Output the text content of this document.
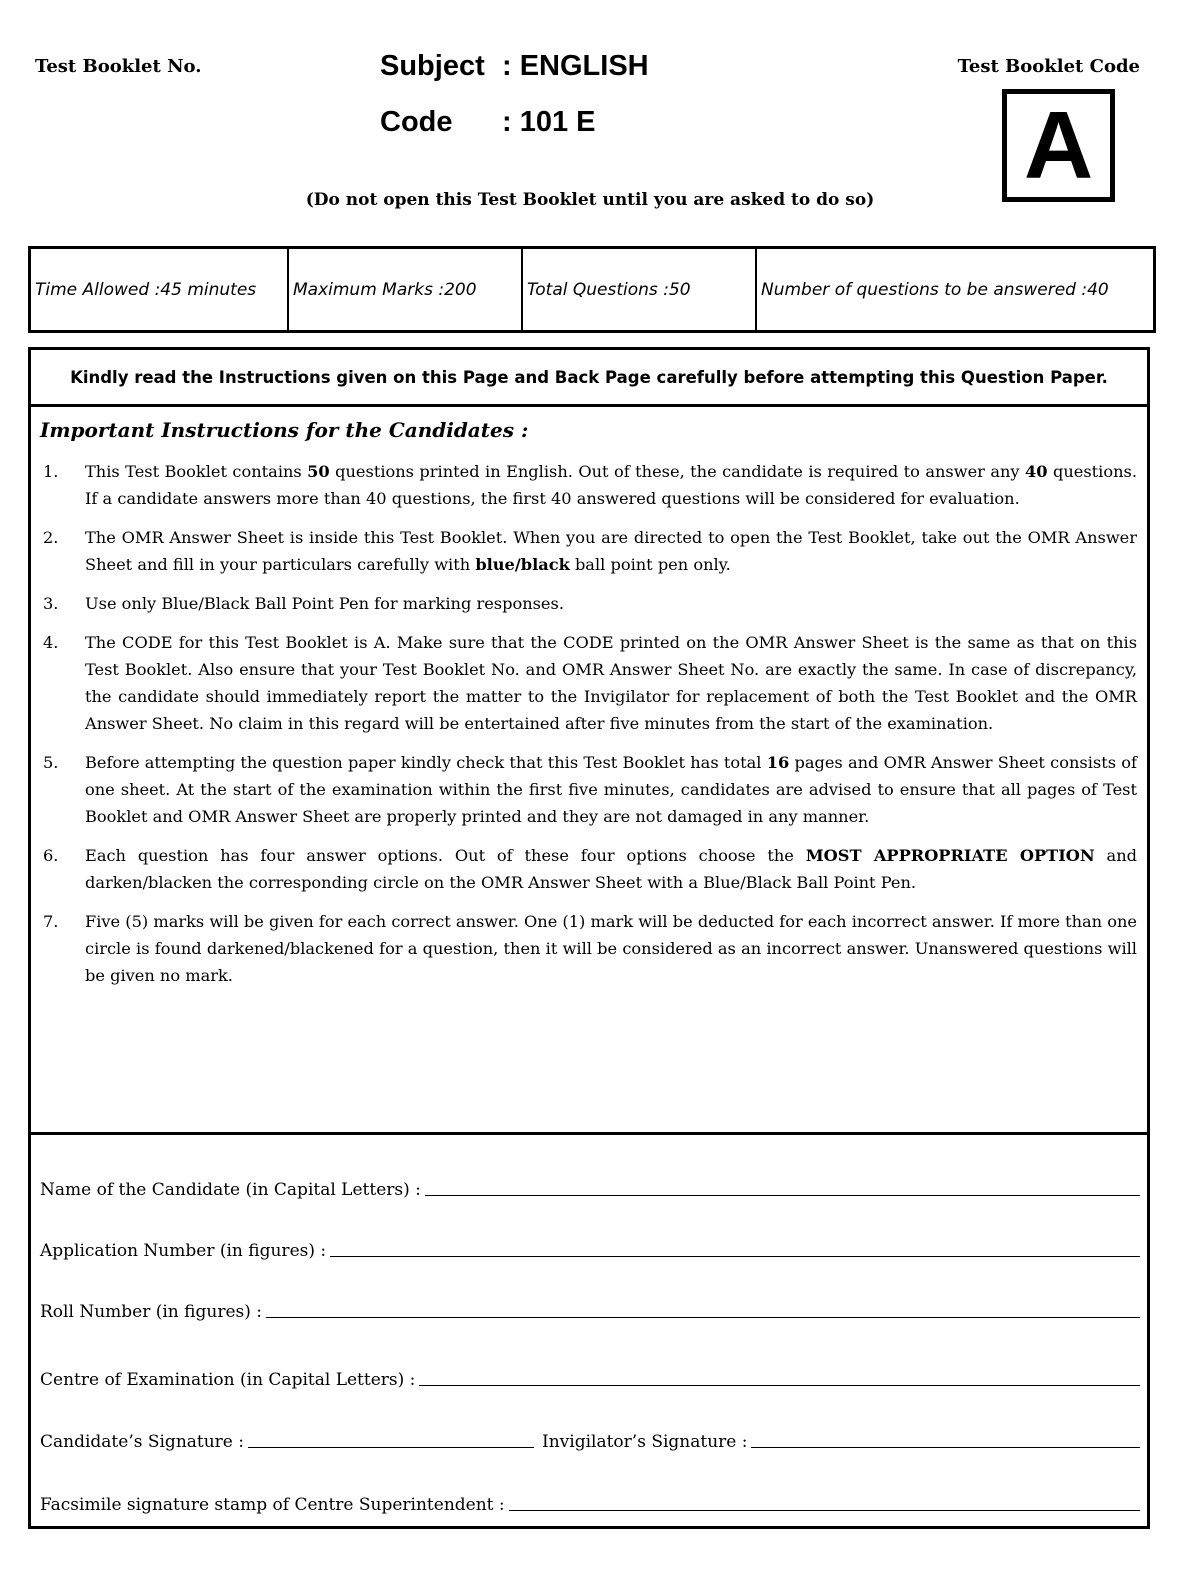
Test Booklet No.	Subject : ENGLISH
Code : 101 E
Test Booklet Code
A
(Do not open this Test Booklet until you are asked to do so)
Time Allowed : 45 minutes Maximum Marks : 200	Total Questions : 50	Number of questions to be answered : 40
Kindly read the Instructions given on this Page and Back Page carefully before attempting this Question Paper.
Important Instructions for the Candidates :
1. This Test Booklet contains 50 questions printed in English. Out of these, the candidate is required to answer any 40 questions. If a candidate answers more than 40 questions, the first 40 answered questions will be considered for evaluation.
2. The OMR Answer Sheet is inside this Test Booklet. When you are directed to open the Test Booklet, take out the OMR Answer Sheet and fill in your particulars carefully with blue/black ball point pen only.
3. Use only Blue/Black Ball Point Pen for marking responses.
4. The CODE for this Test Booklet is A. Make sure that the CODE printed on the OMR Answer Sheet is the same as that on this Test Booklet. Also ensure that your Test Booklet No. and OMR Answer Sheet No. are exactly the same. In case of discrepancy, the candidate should immediately report the matter to the Invigilator for replacement of both the Test Booklet and the OMR Answer Sheet. No claim in this regard will be entertained after five minutes from the start of the examination.
5. Before attempting the question paper kindly check that this Test Booklet has total 16 pages and OMR Answer Sheet consists of one sheet. At the start of the examination within the first five minutes, candidates are advised to ensure that all pages of Test Booklet and OMR Answer Sheet are properly printed and they are not damaged in any manner.
6. Each question has four answer options. Out of these four options choose the MOST APPROPRIATE OPTION and darken/blacken the corresponding circle on the OMR Answer Sheet with a Blue/Black Ball Point Pen.
7. Five (5) marks will be given for each correct answer. One (1) mark will be deducted for each incorrect answer. If more than one circle is found darkened/blackened for a question, then it will be considered as an incorrect answer. Unanswered questions will be given no mark.
Name of the Candidate (in Capital Letters) :
Application Number (in figures) :
Roll Number (in figures) :
Centre of Examination (in Capital Letters) :
Candidate’s Signature :	Invigilator’s Signature :
Facsimile signature stamp of Centre Superintendent :
